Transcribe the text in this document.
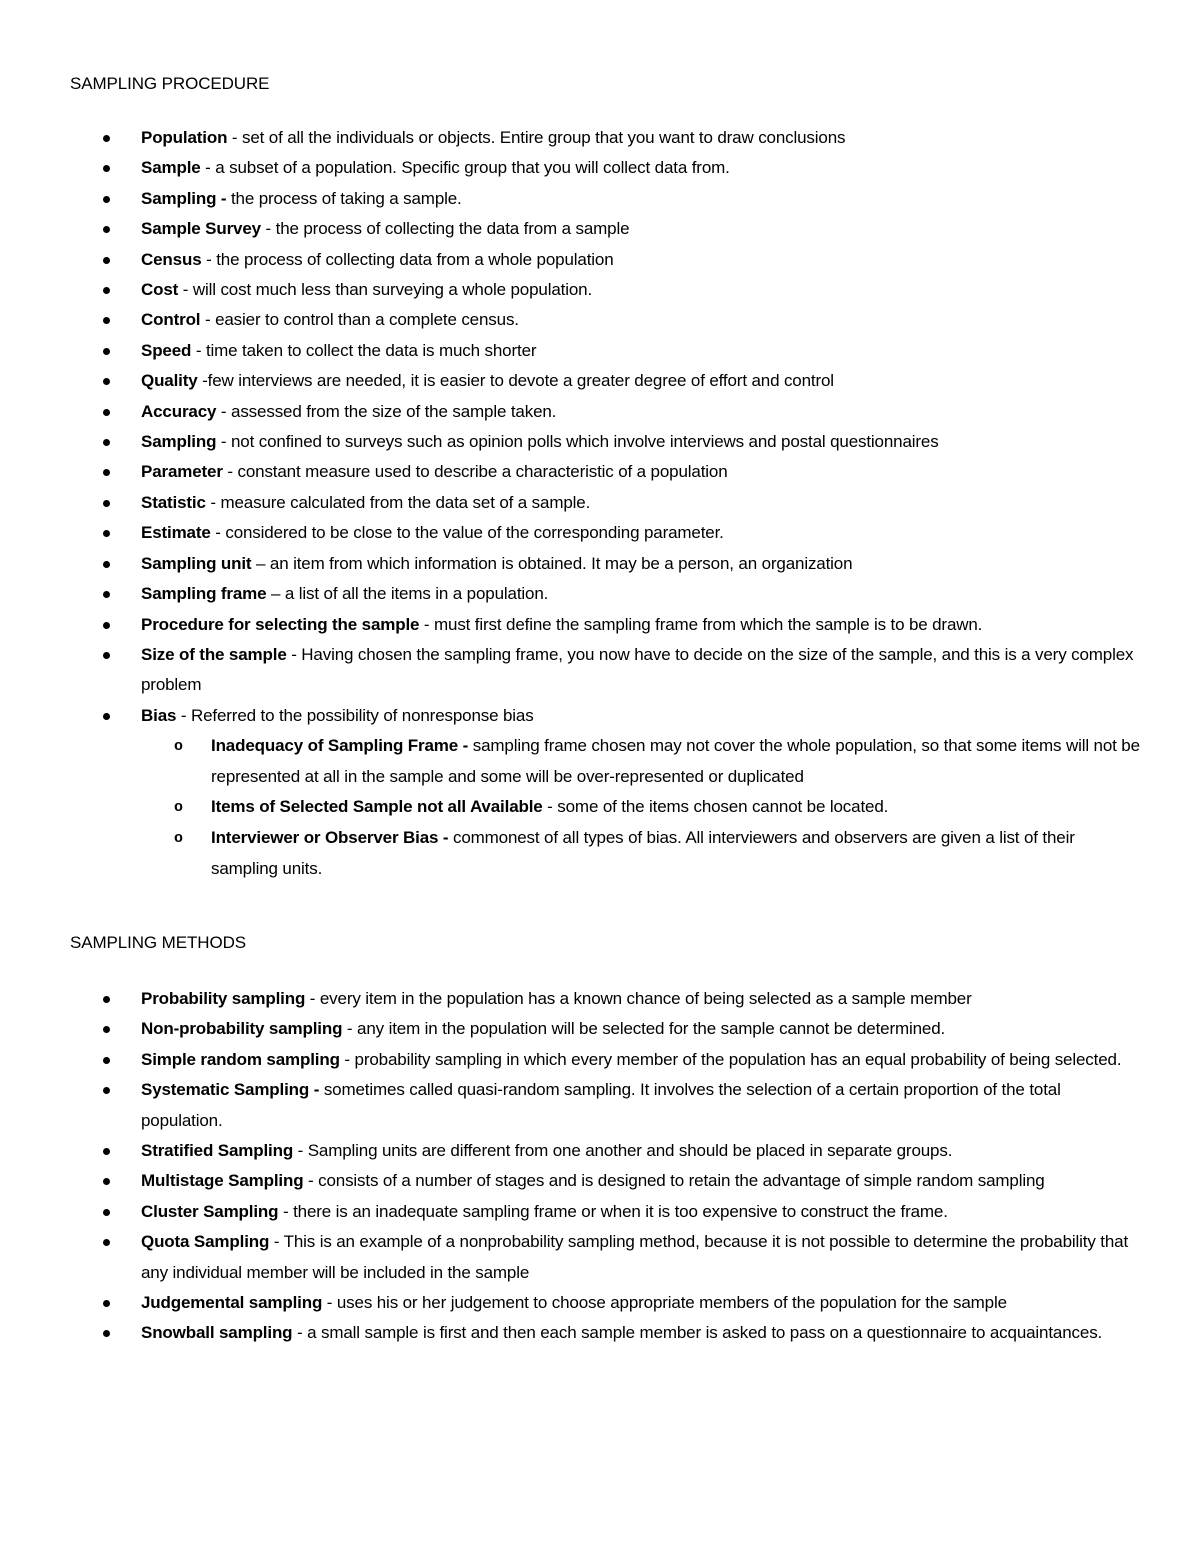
SAMPLING PROCEDURE
Population - set of all the individuals or objects. Entire group that you want to draw conclusions
Sample - a subset of a population. Specific group that you will collect data from.
Sampling - the process of taking a sample.
Sample Survey - the process of collecting the data from a sample
Census - the process of collecting data from a whole population
Cost - will cost much less than surveying a whole population.
Control - easier to control than a complete census.
Speed - time taken to collect the data is much shorter
Quality -few interviews are needed, it is easier to devote a greater degree of effort and control
Accuracy - assessed from the size of the sample taken.
Sampling - not confined to surveys such as opinion polls which involve interviews and postal questionnaires
Parameter - constant measure used to describe a characteristic of a population
Statistic - measure calculated from the data set of a sample.
Estimate - considered to be close to the value of the corresponding parameter.
Sampling unit – an item from which information is obtained. It may be a person, an organization
Sampling frame – a list of all the items in a population.
Procedure for selecting the sample - must first define the sampling frame from which the sample is to be drawn.
Size of the sample - Having chosen the sampling frame, you now have to decide on the size of the sample, and this is a very complex problem
Bias - Referred to the possibility of nonresponse bias
o Inadequacy of Sampling Frame - sampling frame chosen may not cover the whole population, so that some items will not be represented at all in the sample and some will be over-represented or duplicated
o Items of Selected Sample not all Available - some of the items chosen cannot be located.
o Interviewer or Observer Bias - commonest of all types of bias. All interviewers and observers are given a list of their sampling units.
SAMPLING METHODS
Probability sampling - every item in the population has a known chance of being selected as a sample member
Non-probability sampling - any item in the population will be selected for the sample cannot be determined.
Simple random sampling - probability sampling in which every member of the population has an equal probability of being selected.
Systematic Sampling - sometimes called quasi-random sampling. It involves the selection of a certain proportion of the total population.
Stratified Sampling - Sampling units are different from one another and should be placed in separate groups.
Multistage Sampling - consists of a number of stages and is designed to retain the advantage of simple random sampling
Cluster Sampling - there is an inadequate sampling frame or when it is too expensive to construct the frame.
Quota Sampling - This is an example of a nonprobability sampling method, because it is not possible to determine the probability that any individual member will be included in the sample
Judgemental sampling - uses his or her judgement to choose appropriate members of the population for the sample
Snowball sampling - a small sample is first and then each sample member is asked to pass on a questionnaire to acquaintances.
